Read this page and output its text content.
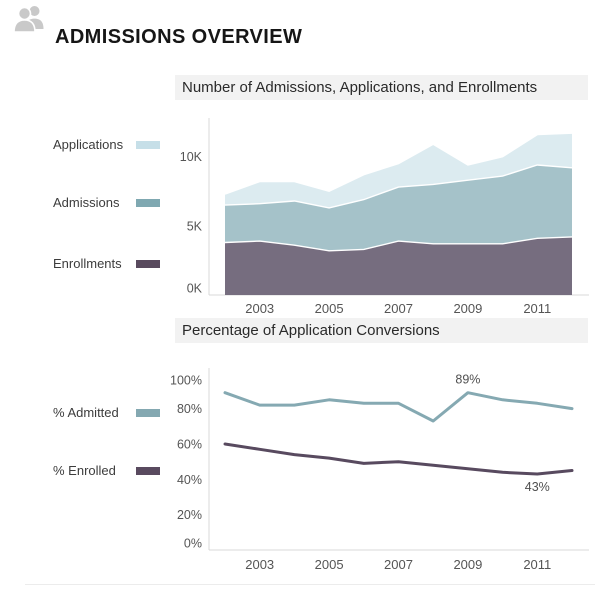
ADMISSIONS OVERVIEW
Number of Admissions, Applications, and Enrollments
Applications
Admissions
Enrollments
Percentage of Application Conversions
% Admitted
% Enrolled
0K
5K
10K
2003	2005	2007	2009	2011
0%
20%
40%
60%
80%
100%
2003	2005	2007	2009	2011
89%
43%
